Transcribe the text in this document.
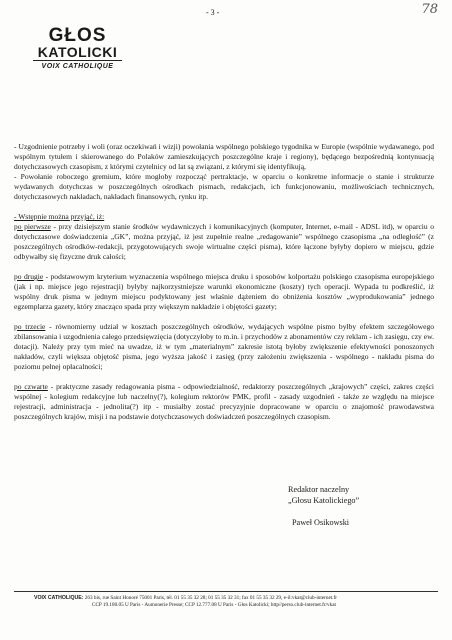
- 3 -	78
GŁOS
KATOLICKI
VOIX CATHOLIQUE

- Uzgodnienie potrzeby i woli (oraz oczekiwań i wizji) powołania wspólnego polskiego tygodnika w Europie (wspólnie wydawanego, pod wspólnym tytułem i skierowanego do Polaków zamieszkujących poszczególne kraje i regiony), będącego bezpośrednią kontynuacją dotychczasowych czasopism, z którymi czytelnicy od lat są związani, z którymi się identyfikują,

- Powołanie roboczego gremium, które mogłoby rozpocząć pertraktacje, w oparciu o konkretne informacje o stanie i strukturze wydawanych dotychczas w poszczególnych ośrodkach pismach, redakcjach, ich funkcjonowaniu, możliwościach technicznych, dotychczasowych nakładach, nakładach finansowych, rynku itp.

- Wstępnie można przyjąć, iż:

po pierwsze - przy dzisiejszym stanie środków wydawniczych i komunikacyjnych (komputer, Internet, e-mail - ADSL itd), w oparciu o dotychczasowe doświadczenia „GK”, można przyjąć, iż jest zupełnie realne „redagowanie” wspólnego czasopisma „na odległość” (z poszczególnych ośrodków-redakcji, przygotowujących swoje wirtualne części pisma), które łączone byłyby dopiero w miejscu, gdzie odbywałby się fizyczne druk całości;

po drugie - podstawowym kryterium wyznaczenia wspólnego miejsca druku i sposobów kolportażu polskiego czasopisma europejskiego (jak i np. miejsce jego rejestracji) byłyby najkorzystniejsze warunki ekonomiczne (koszty) tych operacji. Wypada tu podkreślić, iż wspólny druk pisma w jednym miejscu podyktowany jest właśnie dążeniem do obniżenia kosztów „wyprodukowania” jednego egzemplarza gazety, który znacząco spada przy większym nakładzie i objętości gazety;

po trzecie - równomierny udział w kosztach poszczególnych ośrodków, wydających wspólne pismo byłby efektem szczegółowego zbilansowania i uzgodnienia całego przedsięwzięcia (dotyczyłoby to m.in. i przychodów z abonamentów czy reklam - ich zasięgu, czy ew. dotacji). Należy przy tym mieć na uwadze, iż w tym „materialnym” zakresie istotą byłoby zwiększenie efektywności ponoszonych nakładów, czyli większa objętość pisma, jego wyższa jakość i zasięg (przy założeniu zwiększenia - wspólnego - nakładu pisma do poziomu pełnej opłacalności;

po czwarte - praktyczne zasady redagowania pisma - odpowiedzialność, redaktorzy poszczególnych „krajowych” części, zakres części wspólnej - kolegium redakcyjne lub naczelny(?), kolegium rektorów PMK, profil - zasady uzgodnień - także ze względu na miejsce rejestracji, administracja - jednolita(?) itp - musiałby zostać precyzyjnie dopracowane w oparciu o znajomość prawodawstwa poszczególnych krajów, misji i na podstawie dotychczasowych doświadczeń poszczególnych czasopism.

Redaktor naczelny
„Głosu Katolickiego”
Paweł Osikowski
VOIX CATHOLIQUE: 263 bis, rue Saint Honoré 75001 Paris, tél. 01 55 35 32 28; 01 55 35 32 31; fax 01 55 35 32 29, e-il:vkat@club-internet.fr
CCP 19.180.05 U Paris - Aumonerie Presse; CCP 12.777.08 U Paris - Głos Katolicki; http//perso.club-internet.fr/vkat
